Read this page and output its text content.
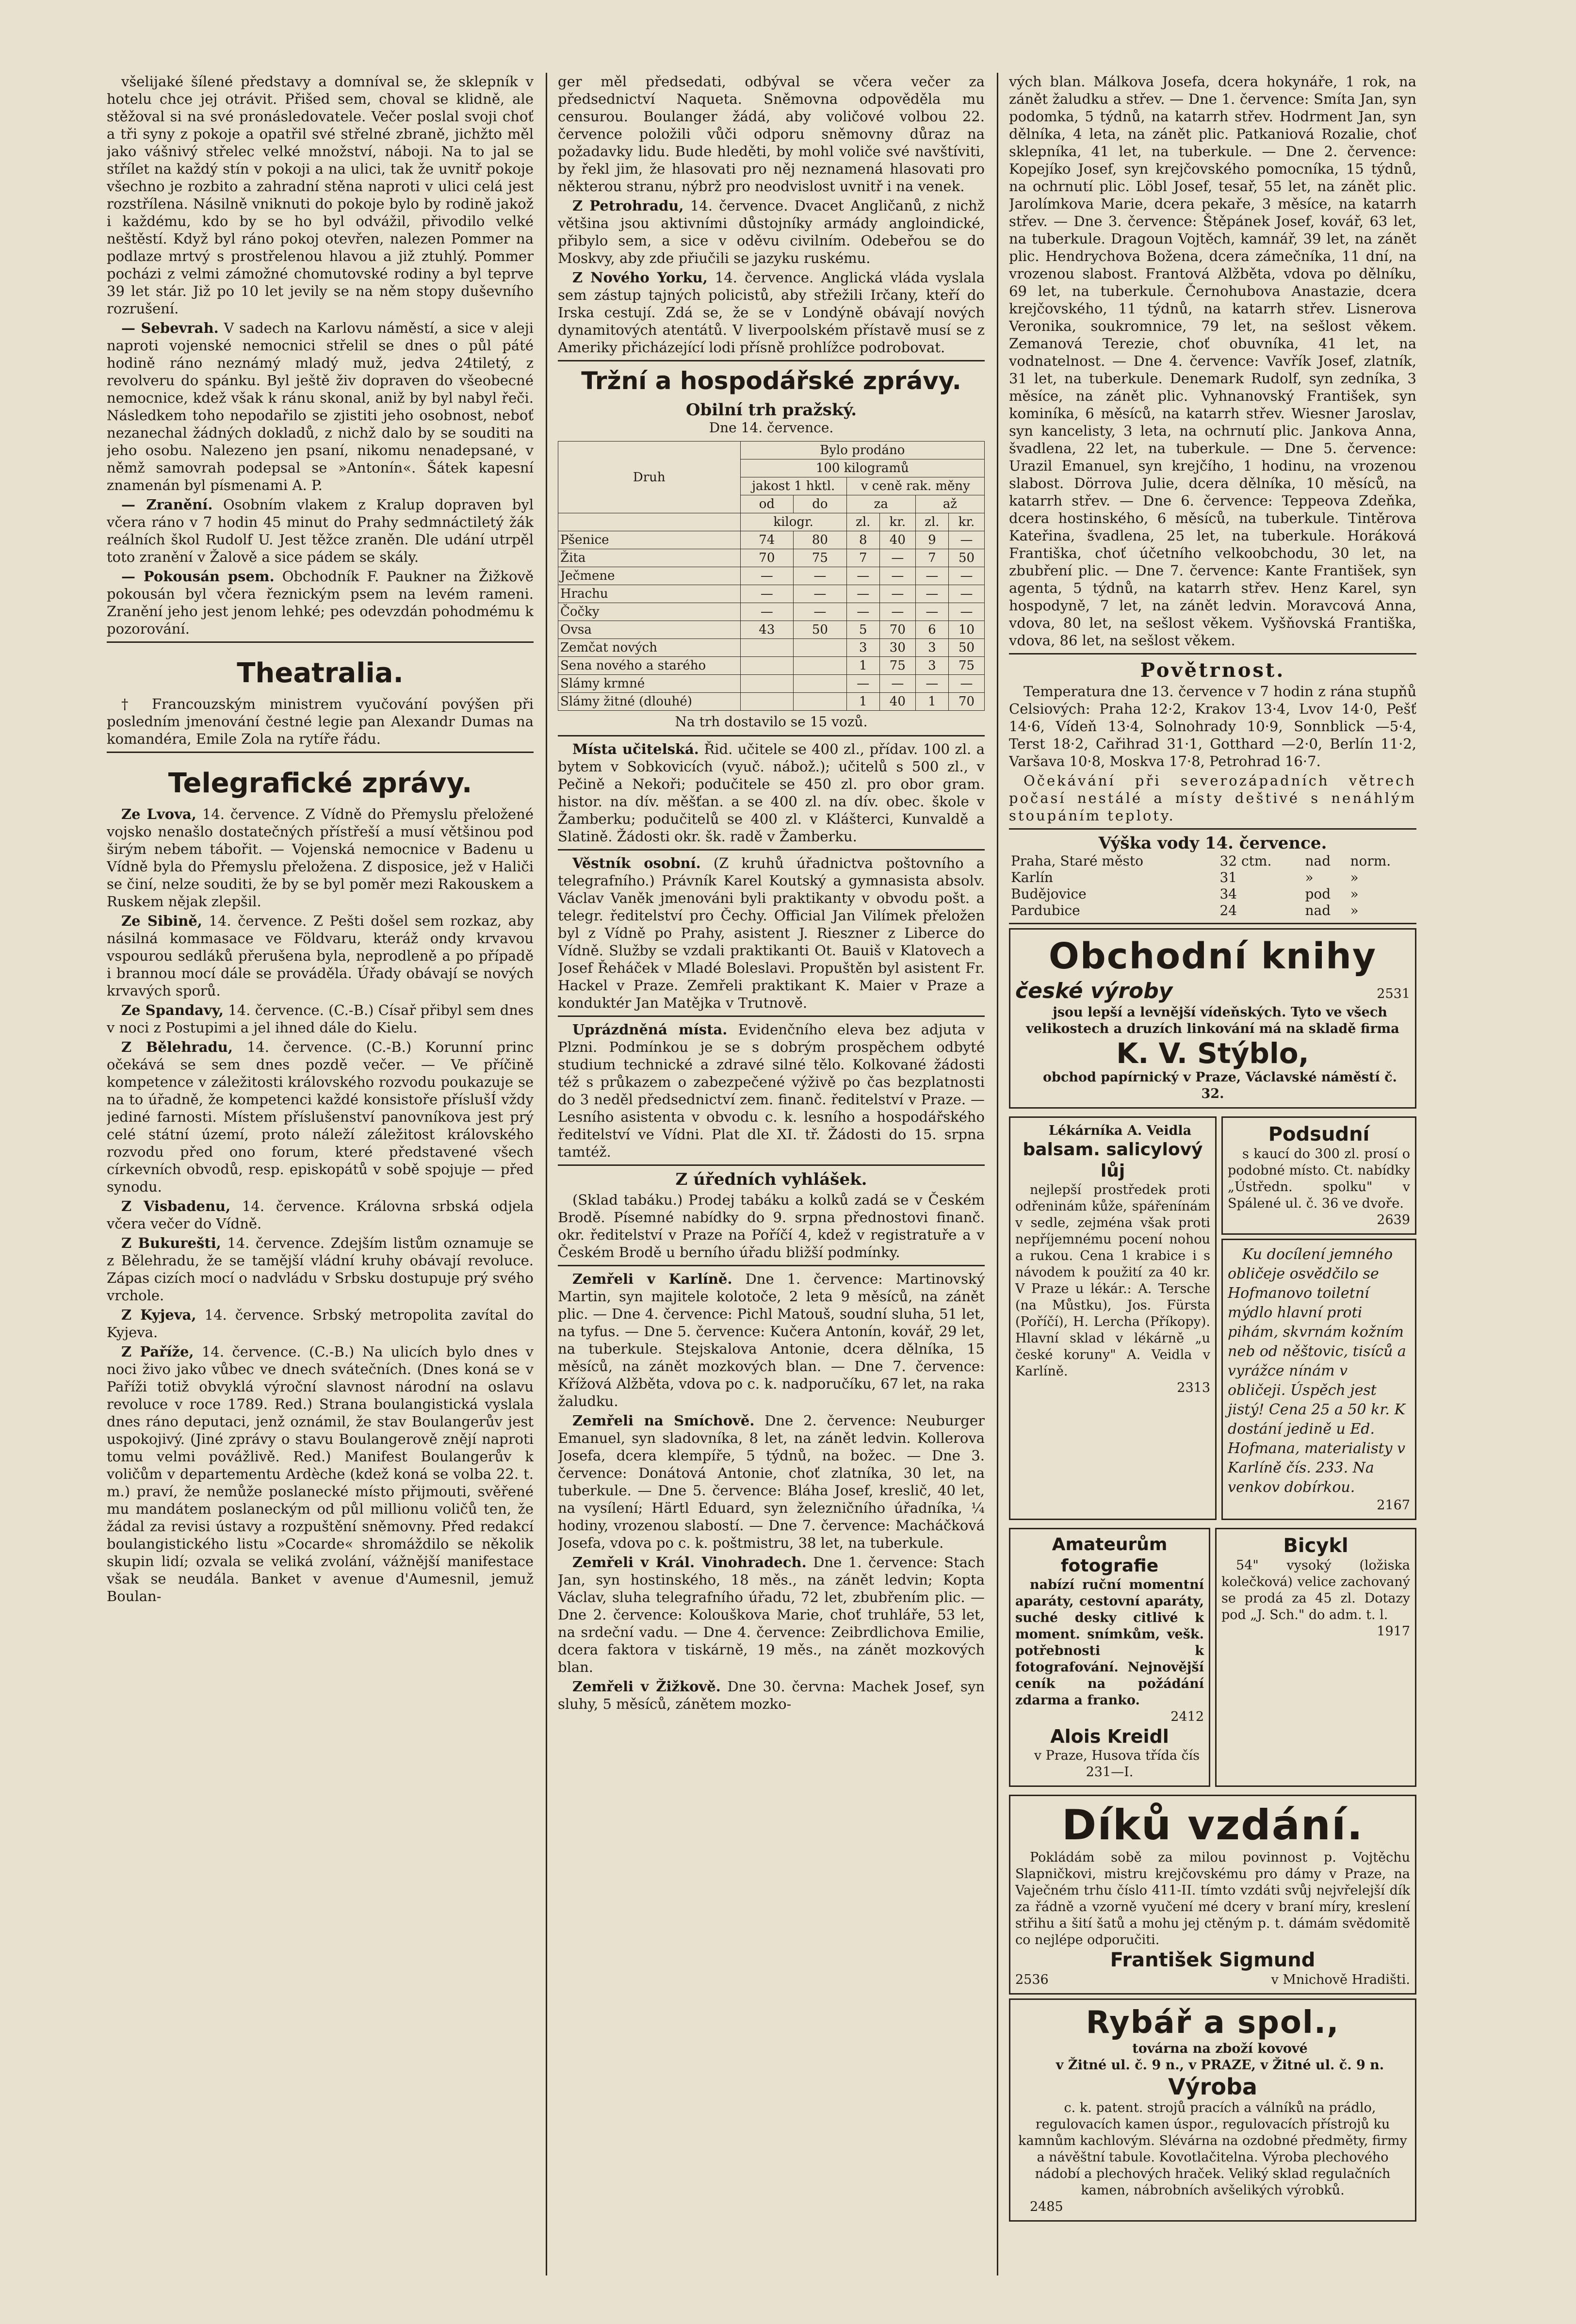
všelijaké šílené představy a domníval se, že sklepník v hotelu chce jej otrávit. Přišed sem, choval se klidně, ale stěžoval si na své pronásledovatele. Večer poslal svoji choť a tři syny z pokoje a opatřil své střelné zbraně, jichžto měl jako vášnivý střelec velké množství, náboji. Na to jal se střílet na každý stín v pokoji a na ulici, tak že uvnitř pokoje všechno je rozbito a zahradní stěna naproti v ulici celá jest rozstřílena. Násilně vniknuti do pokoje bylo by rodině jakož i každému, kdo by se ho byl odvážil, přivodilo velké neštěstí. Když byl ráno pokoj otevřen, nalezen Pommer na podlaze mrtvý s prostřelenou hlavou a již ztuhlý. Pommer pocházi z velmi zámožné chomutovské rodiny a byl teprve 39 let stár. Již po 10 let jevily se na něm stopy duševního rozrušení.

— Sebevrah. V sadech na Karlovu náměstí, a sice v aleji naproti vojenské nemocnici střelil se dnes o půl páté hodině ráno neznámý mladý muž, jedva 24tiletý, z revolveru do spánku. Byl ještě živ dopraven do všeobecné nemocnice, kdež však k ránu skonal, aniž by byl nabyl řeči. Následkem toho nepodařilo se zjistiti jeho osobnost, neboť nezanechal žádných dokladů, z nichž dalo by se souditi na jeho osobu. Nalezeno jen psaní, nikomu nenadepsané, v němž samovrah podepsal se »Antonín«. Šátek kapesní znamenán byl písmenami A. P.

— Zranění. Osobním vlakem z Kralup dopraven byl včera ráno v 7 hodin 45 minut do Prahy sedmnáctiletý žák reálních škol Rudolf U. Jest těžce zraněn. Dle udání utrpěl toto zranění v Žalově a sice pádem se skály.

— Pokousán psem. Obchodník F. Paukner na Žižkově pokousán byl včera řeznickým psem na levém rameni. Zranění jeho jest jenom lehké; pes odevzdán pohodmému k pozorování.

Theatralia.

† Francouzským ministrem vyučování povýšen při posledním jmenování čestné legie pan Alexandr Dumas na komandéra, Emile Zola na rytíře řádu.

Telegrafické zprávy.

Ze Lvova, 14. července. Z Vídně do Přemyslu přeložené vojsko nenašlo dostatečných přístřeší a musí většinou pod širým nebem tábořit. — Vojenská nemocnice v Badenu u Vídně byla do Přemyslu přeložena. Z disposice, jež v Haliči se činí, nelze souditi, že by se byl poměr mezi Rakouskem a Ruskem nějak zlepšil.

Ze Sibině, 14. července. Z Pešti došel sem rozkaz, aby násilná kommasace ve Földvaru, kteráž ondy krvavou vspourou sedláků přerušena byla, neprodleně a po případě i brannou mocí dále se prováděla. Úřady obávají se nových krvavých sporů.

Ze Spandavy, 14. července. (C.-B.) Císař přibyl sem dnes v noci z Postupimi a jel ihned dále do Kielu.

Z Bělehradu, 14. července. (C.-B.) Korunní princ očekává se sem dnes pozdě večer. — Ve příčině kompetence v záležitosti královského rozvodu poukazuje se na to úřadně, že kompetenci každé konsistoře příslušÍ vždy jediné farnosti. Místem příslušenství panovníkova jest prý celé státní území, proto náleží záležitost královského rozvodu před ono forum, které představené všech církevních obvodů, resp. episkopátů v sobě spojuje — před synodu.

Z Visbadenu, 14. července. Královna srbská odjela včera večer do Vídně.

Z Bukurešti, 14. července. Zdejším listům oznamuje se z Bělehradu, že se tamější vládní kruhy obávají revoluce. Zápas cizích mocí o nadvládu v Srbsku dostupuje prý svého vrchole.

Z Kyjeva, 14. července. Srbský metropolita zavítal do Kyjeva.

Z Paříže, 14. července. (C.-B.) Na ulicích bylo dnes v noci živo jako vůbec ve dnech svátečních. (Dnes koná se v Paříži totiž obvyklá výroční slavnost národní na oslavu revoluce v roce 1789. Red.) Strana boulangistická vyslala dnes ráno deputaci, jenž oznámil, že stav Boulangerův jest uspokojivý. (Jiné zprávy o stavu Boulangerově znějí naproti tomu velmi povážlivě. Red.) Manifest Boulangerův k voličům v departementu Ardèche (kdež koná se volba 22. t. m.) praví, že nemůže poslanecké místo přijmouti, svěřené mu mandátem poslaneckým od půl millionu voličů ten, že žádal za revisi ústavy a rozpuštění sněmovny. Před redakcí boulangistického listu »Cocarde« shromáždilo se několik skupin lidí; ozvala se veliká zvolání, vážnější manifestace však se neudála. Banket v avenue d'Aumesnil, jemuž Boulan-

ger měl předsedati, odbýval se včera večer za předsednictví Naqueta. Sněmovna odpověděla mu censurou. Boulanger žádá, aby voličové volbou 22. července položili vůči odporu sněmovny důraz na požadavky lidu. Bude hleděti, by mohl voliče své navštíviti, by řekl jim, že hlasovati pro něj neznamená hlasovati pro některou stranu, nýbrž pro neodvislost uvnitř i na venek.

Z Petrohradu, 14. července. Dvacet Angličanů, z nichž většina jsou aktivními důstojníky armády angloindické, přibylo sem, a sice v oděvu civilním. Odebeřou se do Moskvy, aby zde přiučili se jazyku ruskému.

Z Nového Yorku, 14. července. Anglická vláda vyslala sem zástup tajných policistů, aby střežili Irčany, kteří do Irska cestují. Zdá se, že se v Londýně obávají nových dynamitových atentátů. V liverpoolském přístavě musí se z Ameriky přicházející lodi přísně prohlížce podrobovat.

Tržní a hospodářské zprávy.
Obilní trh pražský.
Dne 14. července.
Druh	Bylo prodáno					
	100 kilogramů					
	jakost 1 hktl.		v ceně rak. měny			
	od	do	za		až	
	kilogr.		zl.	kr.	zl.	kr.
Pšenice	74	80	8	40	9	—
Žita	70	75	7	—	7	50
Ječmene	—	—	—	—	—	—
Hrachu	—	—	—	—	—	—
Čočky	—	—	—	—	—	—
Ovsa	43	50	5	70	6	10
Zemčat nových			3	30	3	50
Sena nového a starého			1	75	3	75
Slámy krmné			—	—	—	—
Slámy žitné (dlouhé)			1	40	1	70

Na trh dostavilo se 15 vozů.

Místa učitelská. Řid. učitele se 400 zl., přídav. 100 zl. a bytem v Sobkovicích (vyuč. nábož.); učitelů s 500 zl., v Pečině a Nekoři; podučitele se 450 zl. pro obor gram. histor. na dív. měšťan. a se 400 zl. na dív. obec. škole v Žamberku; podučitelů se 400 zl. v Klášterci, Kunvaldě a Slatině. Žádosti okr. šk. radě v Žamberku.

Věstník osobní. (Z kruhů úřadnictva poštovního a telegrafního.) Právník Karel Koutský a gymnasista absolv. Václav Vaněk jmenováni byli praktikanty v obvodu pošt. a telegr. ředitelství pro Čechy. Official Jan Vilímek přeložen byl z Vídně po Prahy, asistent J. Rieszner z Liberce do Vídně. Služby se vzdali praktikanti Ot. Bauiš v Klatovech a Josef Řeháček v Mladé Boleslavi. Propuštěn byl asistent Fr. Hackel v Praze. Zemřeli praktikant K. Maier v Praze a konduktér Jan Matějka v Trutnově.

Uprázdněná místa. Evidenčního eleva bez adjuta v Plzni. Podmínkou je se s dobrým prospěchem odbyté studium technické a zdravé silné tělo. Kolkované žádosti též s průkazem o zabezpečené výživě po čas bezplatnosti do 3 neděl předsednictví zem. finanč. ředitelství v Praze. — Lesního asistenta v obvodu c. k. lesního a hospodářského ředitelství ve Vídni. Plat dle XI. tř. Žádosti do 15. srpna tamtéž.

Z úředních vyhlášek.

(Sklad tabáku.) Prodej tabáku a kolků zadá se v Českém Brodě. Písemné nabídky do 9. srpna přednostovi finanč. okr. ředitelství v Praze na Poříčí 4, kdež v registratuře a v Českém Brodě u berního úřadu bližší podmínky.

Zemřeli v Karlíně. Dne 1. července: Martinovský Martin, syn majitele kolotoče, 2 leta 9 měsíců, na zánět plic. — Dne 4. července: Pichl Matouš, soudní sluha, 51 let, na tyfus. — Dne 5. července: Kučera Antonín, kovář, 29 let, na tuberkule. Stejskalova Antonie, dcera dělníka, 15 měsíců, na zánět mozkových blan. — Dne 7. července: Křížová Alžběta, vdova po c. k. nadporučíku, 67 let, na raka žaludku.

Zemřeli na Smíchově. Dne 2. července: Neuburger Emanuel, syn sladovníka, 8 let, na zánět ledvin. Kollerova Josefa, dcera klempíře, 5 týdnů, na božec. — Dne 3. července: Donátová Antonie, choť zlatníka, 30 let, na tuberkule. — Dne 5. července: Bláha Josef, kreslič, 40 let, na vysílení; Härtl Eduard, syn železničního úřadníka, ¼ hodiny, vrozenou slabostí. — Dne 7. července: Macháčková Josefa, vdova po c. k. poštmistru, 38 let, na tuberkule.

Zemřeli v Král. Vinohradech. Dne 1. července: Stach Jan, syn hostinského, 18 měs., na zánět ledvin; Kopta Václav, sluha telegrafního úřadu, 72 let, zbubřením plic. — Dne 2. července: Kolouškova Marie, choť truhláře, 53 let, na srdeční vadu. — Dne 4. července: Zeibrdlichova Emilie, dcera faktora v tiskárně, 19 měs., na zánět mozkových blan.

Zemřeli v Žižkově. Dne 30. června: Machek Josef, syn sluhy, 5 měsíců, zánětem mozko-

vých blan. Málkova Josefa, dcera hokynáře, 1 rok, na zánět žaludku a střev. — Dne 1. července: Smíta Jan, syn podomka, 5 týdnů, na katarrh střev. Hodrment Jan, syn dělníka, 4 leta, na zánět plic. Patkaniová Rozalie, choť sklepníka, 41 let, na tuberkule. — Dne 2. července: Kopejíko Josef, syn krejčovského pomocníka, 15 týdnů, na ochrnutí plic. Löbl Josef, tesař, 55 let, na zánět plic. Jarolímkova Marie, dcera pekaře, 3 měsíce, na katarrh střev. — Dne 3. července: Štěpánek Josef, kovář, 63 let, na tuberkule. Dragoun Vojtěch, kamnář, 39 let, na zánět plic. Hendrychova Božena, dcera zámečníka, 11 dní, na vrozenou slabost. Frantová Alžběta, vdova po dělníku, 69 let, na tuberkule. Černohubova Anastazie, dcera krejčovského, 11 týdnů, na katarrh střev. Lisnerova Veronika, soukromnice, 79 let, na sešlost věkem. Zemanová Terezie, choť obuvníka, 41 let, na vodnatelnost. — Dne 4. července: Vavřík Josef, zlatník, 31 let, na tuberkule. Denemark Rudolf, syn zedníka, 3 měsíce, na zánět plic. Vyhnanovský František, syn kominíka, 6 měsíců, na katarrh střev. Wiesner Jaroslav, syn kancelisty, 3 leta, na ochrnutí plic. Jankova Anna, švadlena, 22 let, na tuberkule. — Dne 5. července: Urazil Emanuel, syn krejčího, 1 hodinu, na vrozenou slabost. Dörrova Julie, dcera dělníka, 10 měsíců, na katarrh střev. — Dne 6. července: Teppeova Zdeňka, dcera hostinského, 6 měsíců, na tuberkule. Tintěrova Kateřina, švadlena, 25 let, na tuberkule. Horáková Františka, choť účetního velkoobchodu, 30 let, na zbubření plic. — Dne 7. července: Kante František, syn agenta, 5 týdnů, na katarrh střev. Henz Karel, syn hospodyně, 7 let, na zánět ledvin. Moravcová Anna, vdova, 80 let, na sešlost věkem. Vyšňovská Františka, vdova, 86 let, na sešlost věkem.

Povětrnost.

Temperatura dne 13. července v 7 hodin z rána stupňů Celsiových: Praha 12·2, Krakov 13·4, Lvov 14·0, Pešť 14·6, Vídeň 13·4, Solnohrady 10·9, Sonnblick —5·4, Terst 18·2, Cařihrad 31·1, Gotthard —2·0, Berlín 11·2, Varšava 10·8, Moskva 17·8, Petrohrad 16·7.

Očekávání při severozápadních větrech počasí nestálé a místy deštivé s nenáhlým stoupáním teploty.

Výška vody 14. července.
Praha, Staré město	32 ctm.	nad	norm.
Karlín	31	»	»
Budějovice	34	pod	»
Pardubice	24	nad	»
Obchodní knihy
české výroby	2531

jsou lepší a levnější vídeňských. Tyto ve všech velikostech a druzích linkování má na skladě firma

K. V. Stýblo,

obchod papírnický v Praze, Václavské náměstí č. 32.

Lékárníka A. Veidla

balsam. salicylový lůj

nejlepší prostředek proti odřeninám kůže, spářenínám v sedle, zejména však proti nepříjemnému pocení nohou a rukou. Cena 1 krabice i s návodem k použití za 40 kr. V Praze u lékár.: A. Tersche (na Můstku), Jos. Fürsta (Poříčí), H. Lercha (Příkopy). Hlavní sklad v lékárně „u české koruny" A. Veidla v Karlíně.

2313

Podsudní

s kaucí do 300 zl. prosí o podobné místo. Ct. nabídky „Ústředn. spolku" v Spálené ul. č. 36 ve dvoře.

2639

Ku docílení jemného obličeje osvědčilo se Hofmanovo toiletní mýdlo hlavní proti pihám, skvrnám kožním neb od něštovic, tisíců a vyrážce nínám v obličeji. Úspěch jest jistý! Cena 25 a 50 kr. K dostání jedině u Ed. Hofmana, materialisty v Karlíně čís. 233. Na venkov dobírkou.

2167

Amateurům fotografie

nabízí ruční momentní aparáty, cestovní aparáty, suché desky citlivé k moment. snímkům, vešk. potřebnosti k fotografování. Nejnovější ceník na požádání zdarma a franko.

2412

Alois Kreidl

v Praze, Husova třída čís 231—I.

Bicykl

54" vysoký (ložiska kolečková) velice zachovaný se prodá za 45 zl. Dotazy pod „J. Sch." do adm. t. l.

1917

Díků vzdání.

Pokládám sobě za milou povinnost p. Vojtěchu Slapničkovi, mistru krejčovskému pro dámy v Praze, na Vaječném trhu číslo 411-II. tímto vzdáti svůj nejvřelejší dík za řádně a vzorně vyučení mé dcery v braní míry, kreslení střihu a šití šatů a mohu jej ctěným p. t. dámám svědomitě co nejlépe odporučiti.

František Sigmund
2536	v Mnichově Hradišti.
Rybář a spol.,

továrna na zboží kovové

v Žitné ul. č. 9 n., v PRAZE, v Žitné ul. č. 9 n.

Výroba

c. k. patent. strojů pracích a válníků na prádlo, regulovacích kamen úspor., regulovacích přístrojů ku kamnům kachlovým. Slévárna na ozdobné předměty, firmy a návěštní tabule. Kovotlačitelna. Výroba plechového nádobí a plechových hraček. Veliký sklad regulačních kamen, nábrobních avšelikých výrobků.

2485
